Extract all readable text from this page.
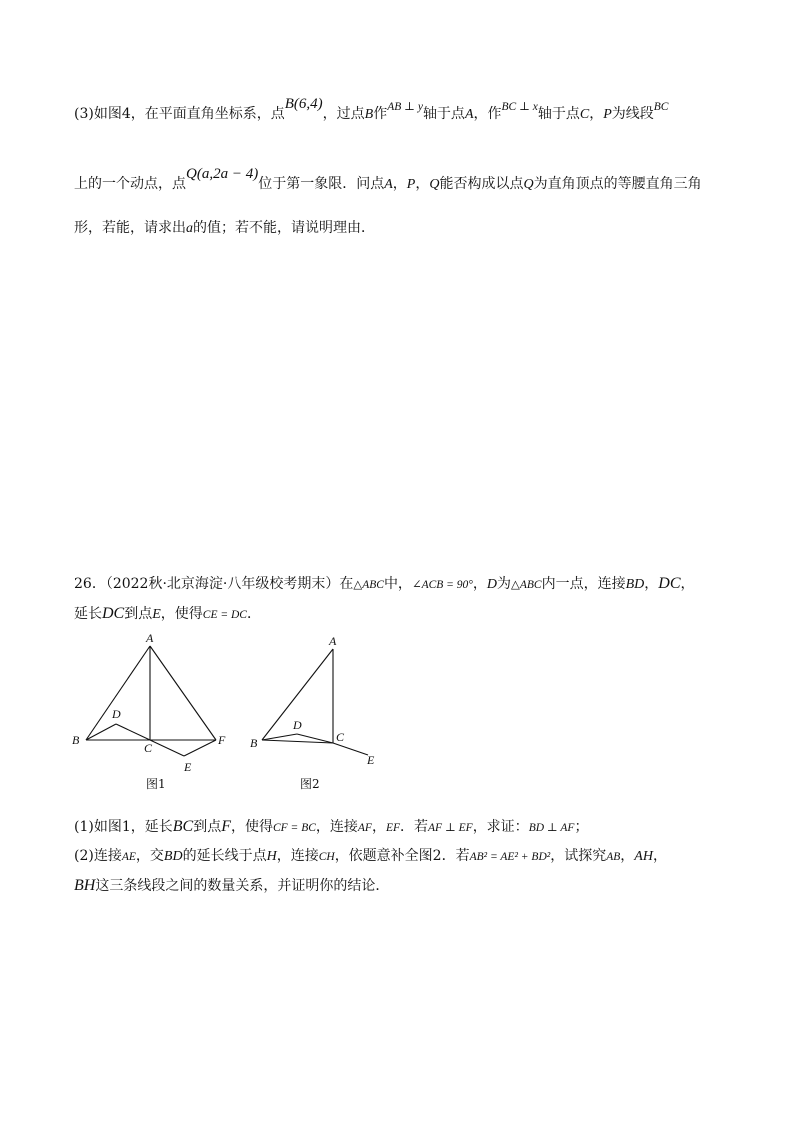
(3)如图4，在平面直角坐标系，点B(6,4)，过点B作$^{AB \perp y}$轴于点A，作$^{BC \perp x}$轴于点C，P为线段$^{BC}$
上的一个动点，点Q(a,2a − 4)位于第一象限．问点A，P，Q能否构成以点Q为直角顶点的等腰直角三角
形，若能，请求出a的值；若不能，请说明理由．
26．（2022秋·北京海淀·八年级校考期末）在△ABC中，∠ACB = 90°，D为△ABC内一点，连接BD，DC，
延长DC到点E，使得CE = DC．
A
B
C
D
E
F
图1
A
B	C
D
E
图2
(1)如图1，延长BC到点F，使得CF = BC，连接AF，EF．若AF ⊥ EF，求证：BD ⊥ AF；
(2)连接AE，交BD的延长线于点H，连接CH，依题意补全图2．若AB² = AE² + BD²，试探究AB，AH，
BH这三条线段之间的数量关系，并证明你的结论．
